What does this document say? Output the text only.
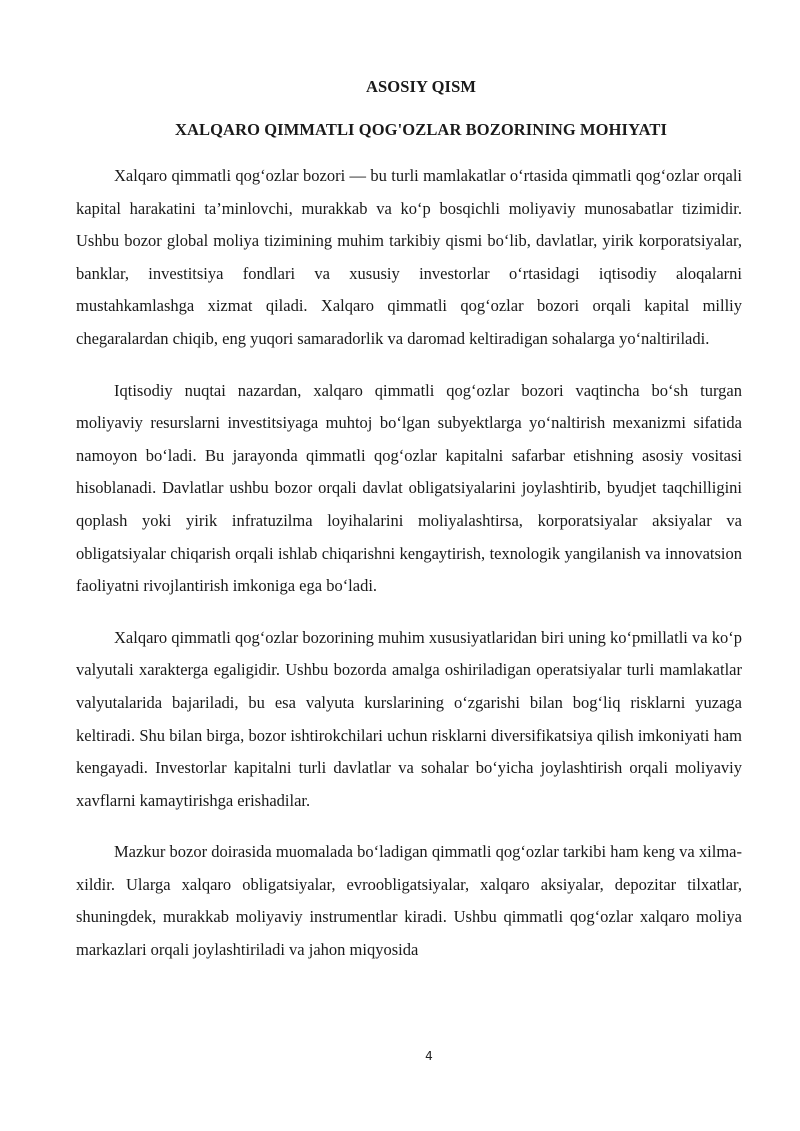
ASOSIY QISM
XALQARO QIMMATLI QOG'OZLAR BOZORINING MOHIYATI

Xalqaro qimmatli qog‘ozlar bozori — bu turli mamlakatlar o‘rtasida qimmatli qog‘ozlar orqali kapital harakatini ta’minlovchi, murakkab va ko‘p bosqichli moliyaviy munosabatlar tizimidir. Ushbu bozor global moliya tizimining muhim tarkibiy qismi bo‘lib, davlatlar, yirik korporatsiyalar, banklar, investitsiya fondlari va xususiy investorlar o‘rtasidagi iqtisodiy aloqalarni mustahkamlashga xizmat qiladi. Xalqaro qimmatli qog‘ozlar bozori orqali kapital milliy chegaralardan chiqib, eng yuqori samaradorlik va daromad keltiradigan sohalarga yo‘naltiriladi.

Iqtisodiy nuqtai nazardan, xalqaro qimmatli qog‘ozlar bozori vaqtincha bo‘sh turgan moliyaviy resurslarni investitsiyaga muhtoj bo‘lgan subyektlarga yo‘naltirish mexanizmi sifatida namoyon bo‘ladi. Bu jarayonda qimmatli qog‘ozlar kapitalni safarbar etishning asosiy vositasi hisoblanadi. Davlatlar ushbu bozor orqali davlat obligatsiyalarini joylashtirib, byudjet taqchilligini qoplash yoki yirik infratuzilma loyihalarini moliyalashtirsa, korporatsiyalar aksiyalar va obligatsiyalar chiqarish orqali ishlab chiqarishni kengaytirish, texnologik yangilanish va innovatsion faoliyatni rivojlantirish imkoniga ega bo‘ladi.

Xalqaro qimmatli qog‘ozlar bozorining muhim xususiyatlaridan biri uning ko‘pmillatli va ko‘p valyutali xarakterga egaligidir. Ushbu bozorda amalga oshiriladigan operatsiyalar turli mamlakatlar valyutalarida bajariladi, bu esa valyuta kurslarining o‘zgarishi bilan bog‘liq risklarni yuzaga keltiradi. Shu bilan birga, bozor ishtirokchilari uchun risklarni diversifikatsiya qilish imkoniyati ham kengayadi. Investorlar kapitalni turli davlatlar va sohalar bo‘yicha joylashtirish orqali moliyaviy xavflarni kamaytirishga erishadilar.

Mazkur bozor doirasida muomalada bo‘ladigan qimmatli qog‘ozlar tarkibi ham keng va xilma-xildir. Ularga xalqaro obligatsiyalar, evroobligatsiyalar, xalqaro aksiyalar, depozitar tilxatlar, shuningdek, murakkab moliyaviy instrumentlar kiradi. Ushbu qimmatli qog‘ozlar xalqaro moliya markazlari orqali joylashtiriladi va jahon miqyosida

4
